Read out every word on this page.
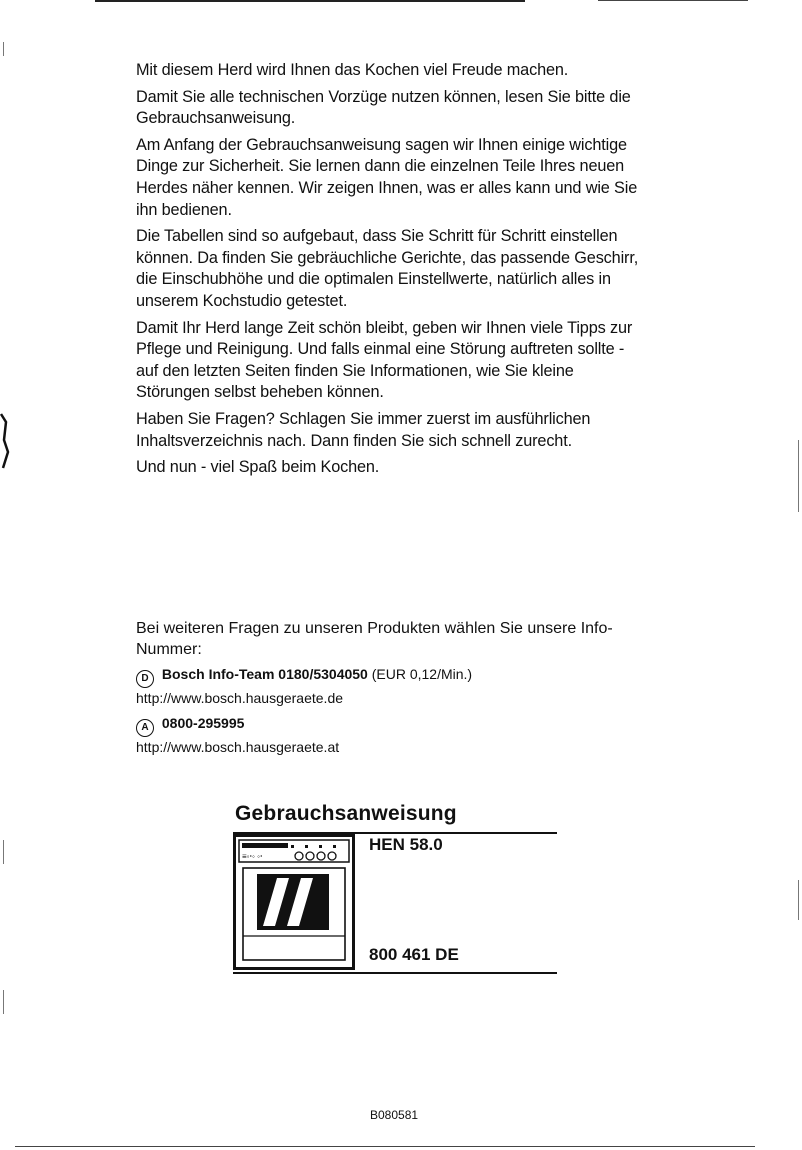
Mit diesem Herd wird Ihnen das Kochen viel Freude machen.

Damit Sie alle technischen Vorzüge nutzen können, lesen Sie bitte die Gebrauchsanweisung.

Am Anfang der Gebrauchsanweisung sagen wir Ihnen einige wichtige Dinge zur Sicherheit. Sie lernen dann die einzelnen Teile Ihres neuen Herdes näher kennen. Wir zeigen Ihnen, was er alles kann und wie Sie ihn bedienen.

Die Tabellen sind so aufgebaut, dass Sie Schritt für Schritt einstellen können. Da finden Sie gebräuchliche Gerichte, das passende Geschirr, die Einschubhöhe und die optimalen Einstellwerte, natürlich alles in unserem Kochstudio getestet.

Damit Ihr Herd lange Zeit schön bleibt, geben wir Ihnen viele Tipps zur Pflege und Reinigung. Und falls einmal eine Störung auftreten sollte - auf den letzten Seiten finden Sie Informationen, wie Sie kleine Störungen selbst beheben können.

Haben Sie Fragen? Schlagen Sie immer zuerst im ausführlichen Inhaltsverzeichnis nach. Dann finden Sie sich schnell zurecht.

Und nun - viel Spaß beim Kochen.

Bei weiteren Fragen zu unseren Produkten wählen Sie unsere Info-Nummer:

D Bosch Info-Team 0180/5304050 (EUR 0,12/Min.)

http://www.bosch.hausgeraete.de

A 0800-295995

http://www.bosch.hausgeraete.at

Gebrauchsanweisung

≡◦⋅◦ ◦⋅

HEN 58.0

800 461 DE

B080581
